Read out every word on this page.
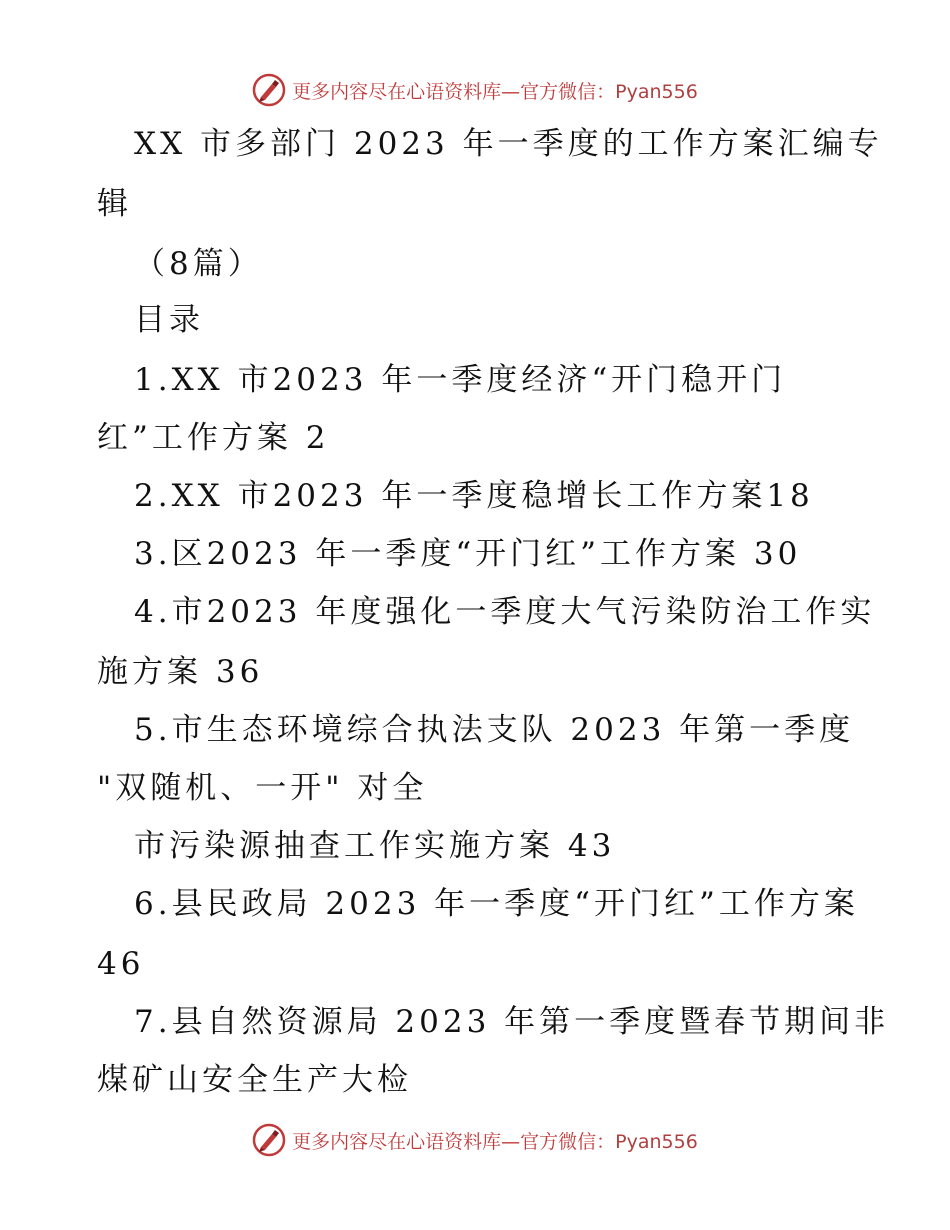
更多内容尽在心语资料库—官方微信：Pyan556
XX 市多部门 2023 年一季度的工作方案汇编专
辑
（8篇）
目录
1.XX 市2023 年一季度经济“开门稳开门
红”工作方案 2
2.XX 市2023 年一季度稳增长工作方案18
3.区2023 年一季度“开门红”工作方案 30
4.市2023 年度强化一季度大气污染防治工作实
施方案 36
5.市生态环境综合执法支队 2023 年第一季度
"双随机、一开" 对全
市污染源抽查工作实施方案 43
6.县民政局 2023 年一季度“开门红”工作方案
46
7.县自然资源局 2023 年第一季度暨春节期间非
煤矿山安全生产大检
更多内容尽在心语资料库—官方微信：Pyan556
